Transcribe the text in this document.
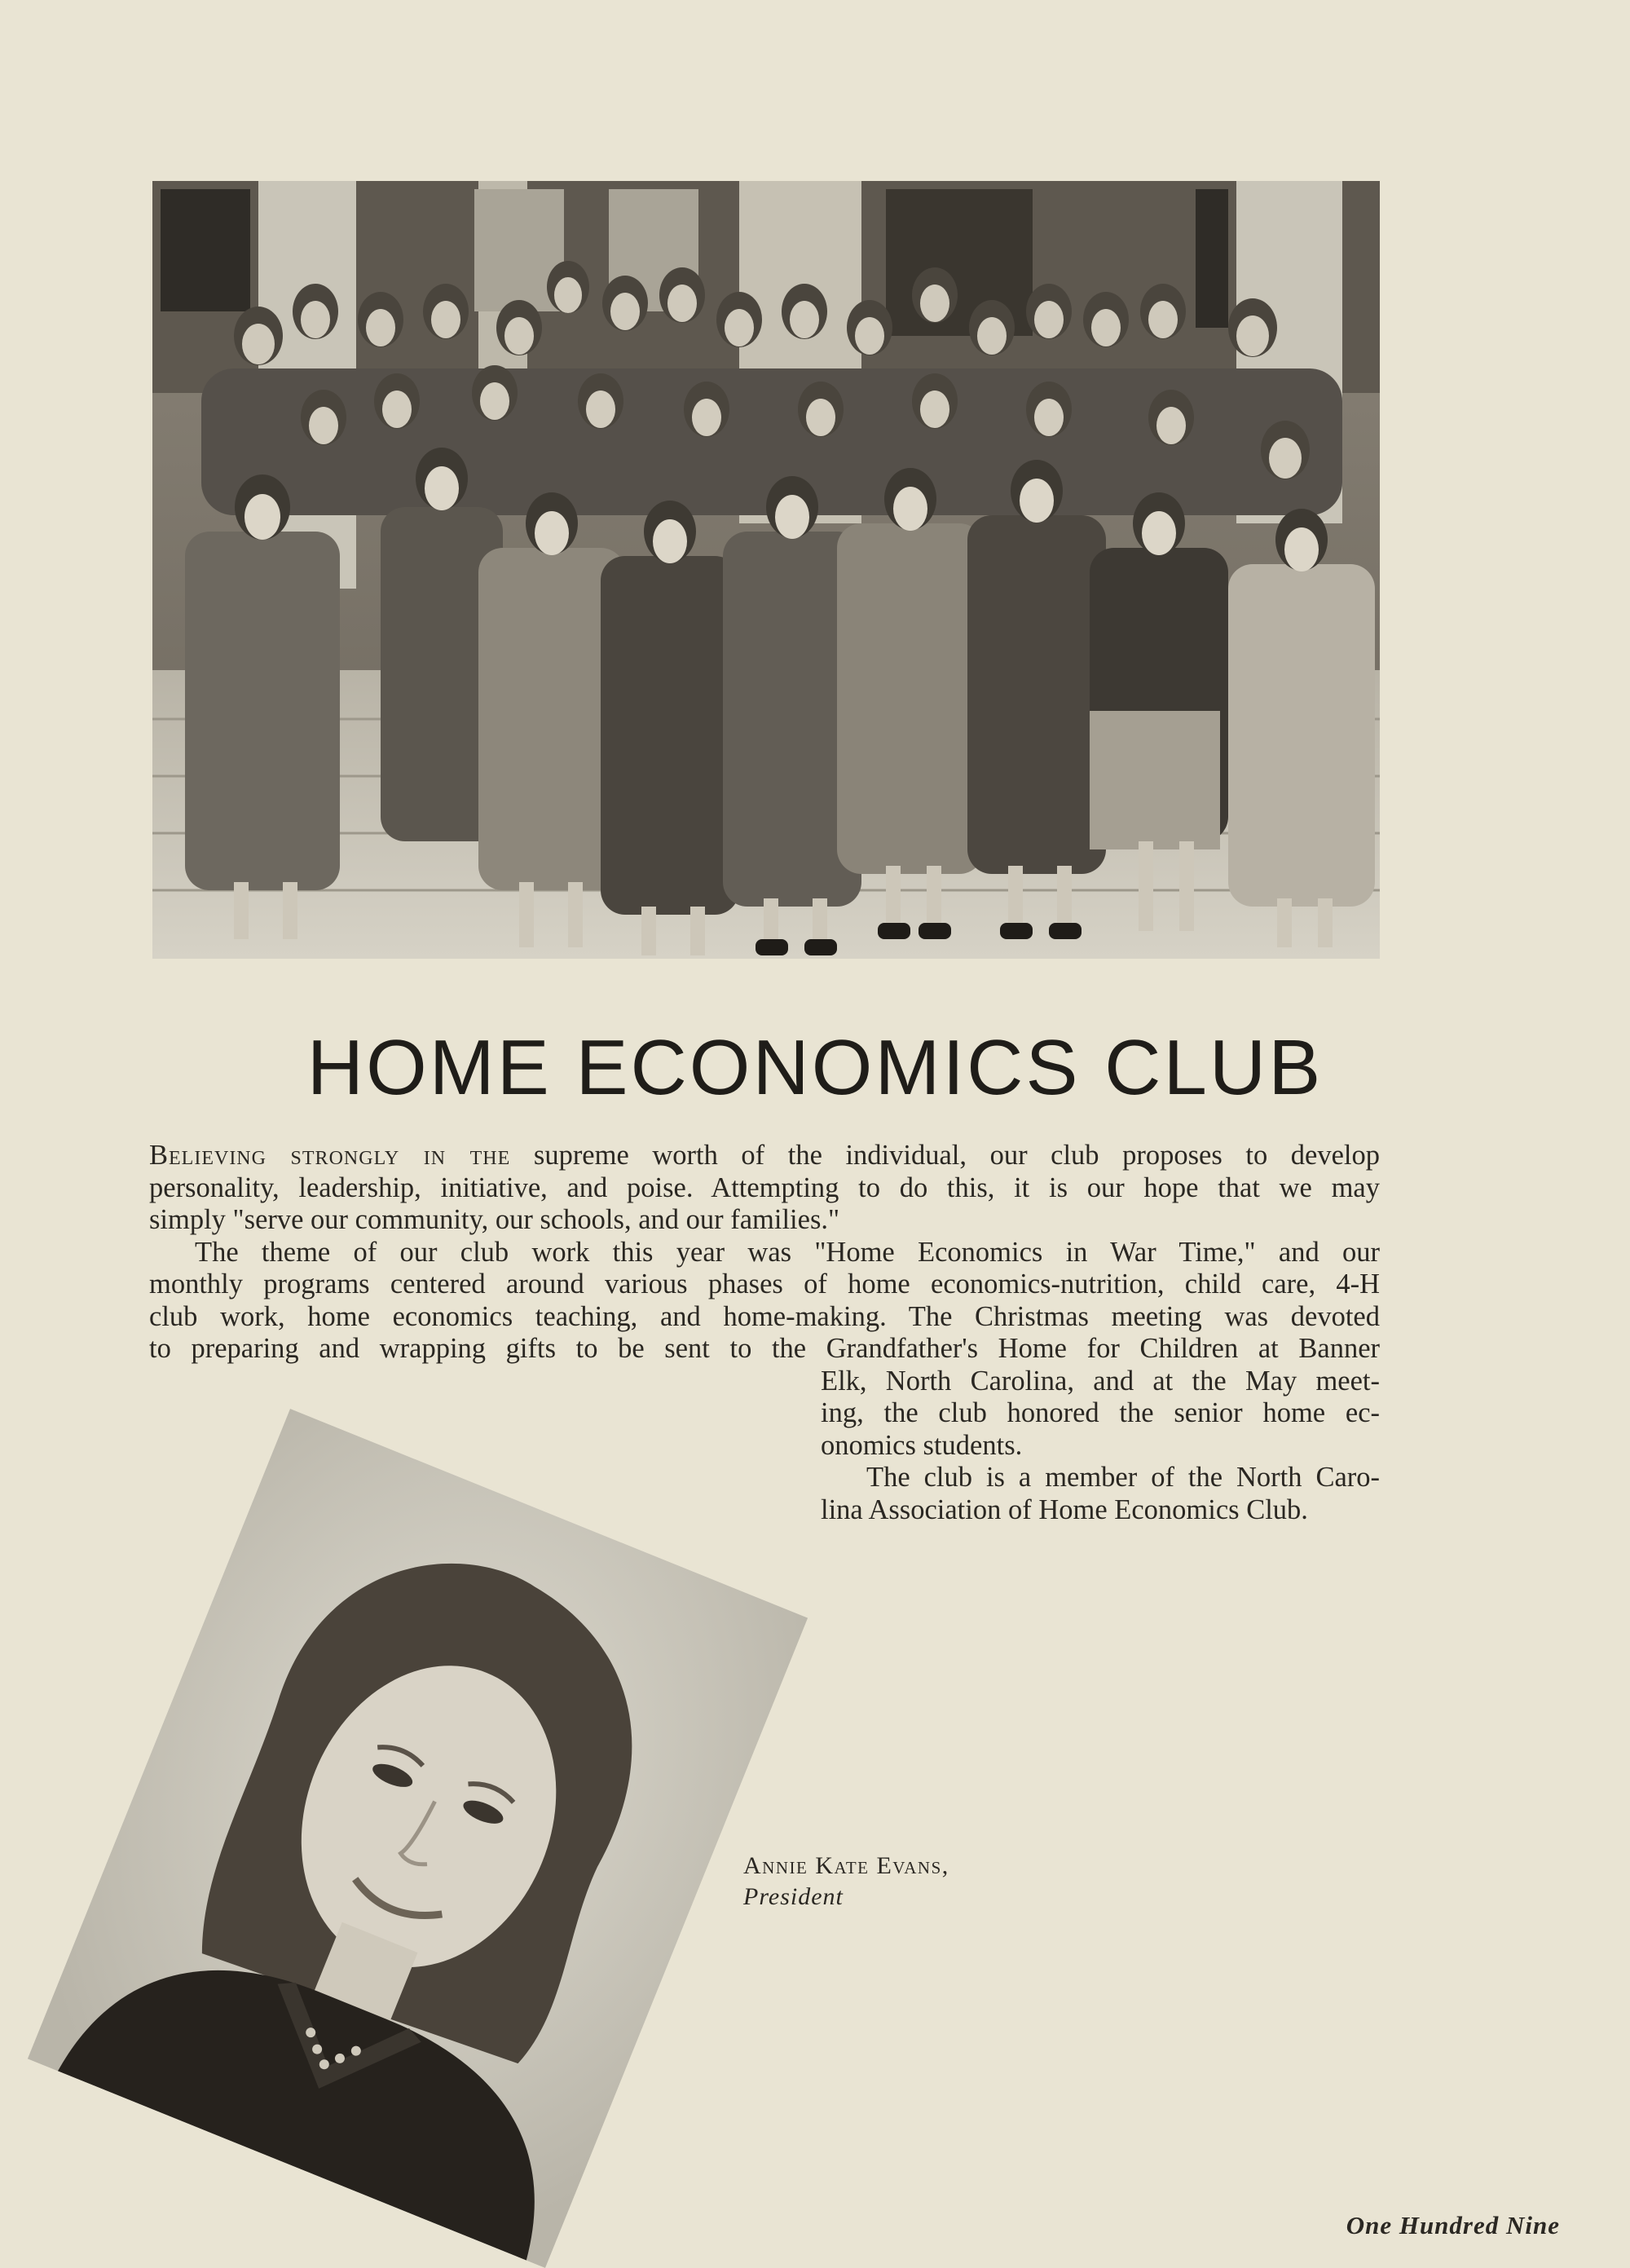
HOME ECONOMICS CLUB

Believing strongly in the supreme worth of the individual, our club proposes to develop

personality, leadership, initiative, and poise. Attempting to do this, it is our hope that we may

simply "serve our community, our schools, and our families."

The theme of our club work this year was "Home Economics in War Time," and our

monthly programs centered around various phases of home economics-nutrition, child care, 4-H

club work, home economics teaching, and home-making. The Christmas meeting was devoted

to preparing and wrapping gifts to be sent to the Grandfather's Home for Children at Banner

Elk, North Carolina, and at the May meet-

ing, the club honored the senior home ec-

onomics students.

The club is a member of the North Caro-

lina Association of Home Economics Club.

Annie Kate Evans,
President
One Hundred Nine
